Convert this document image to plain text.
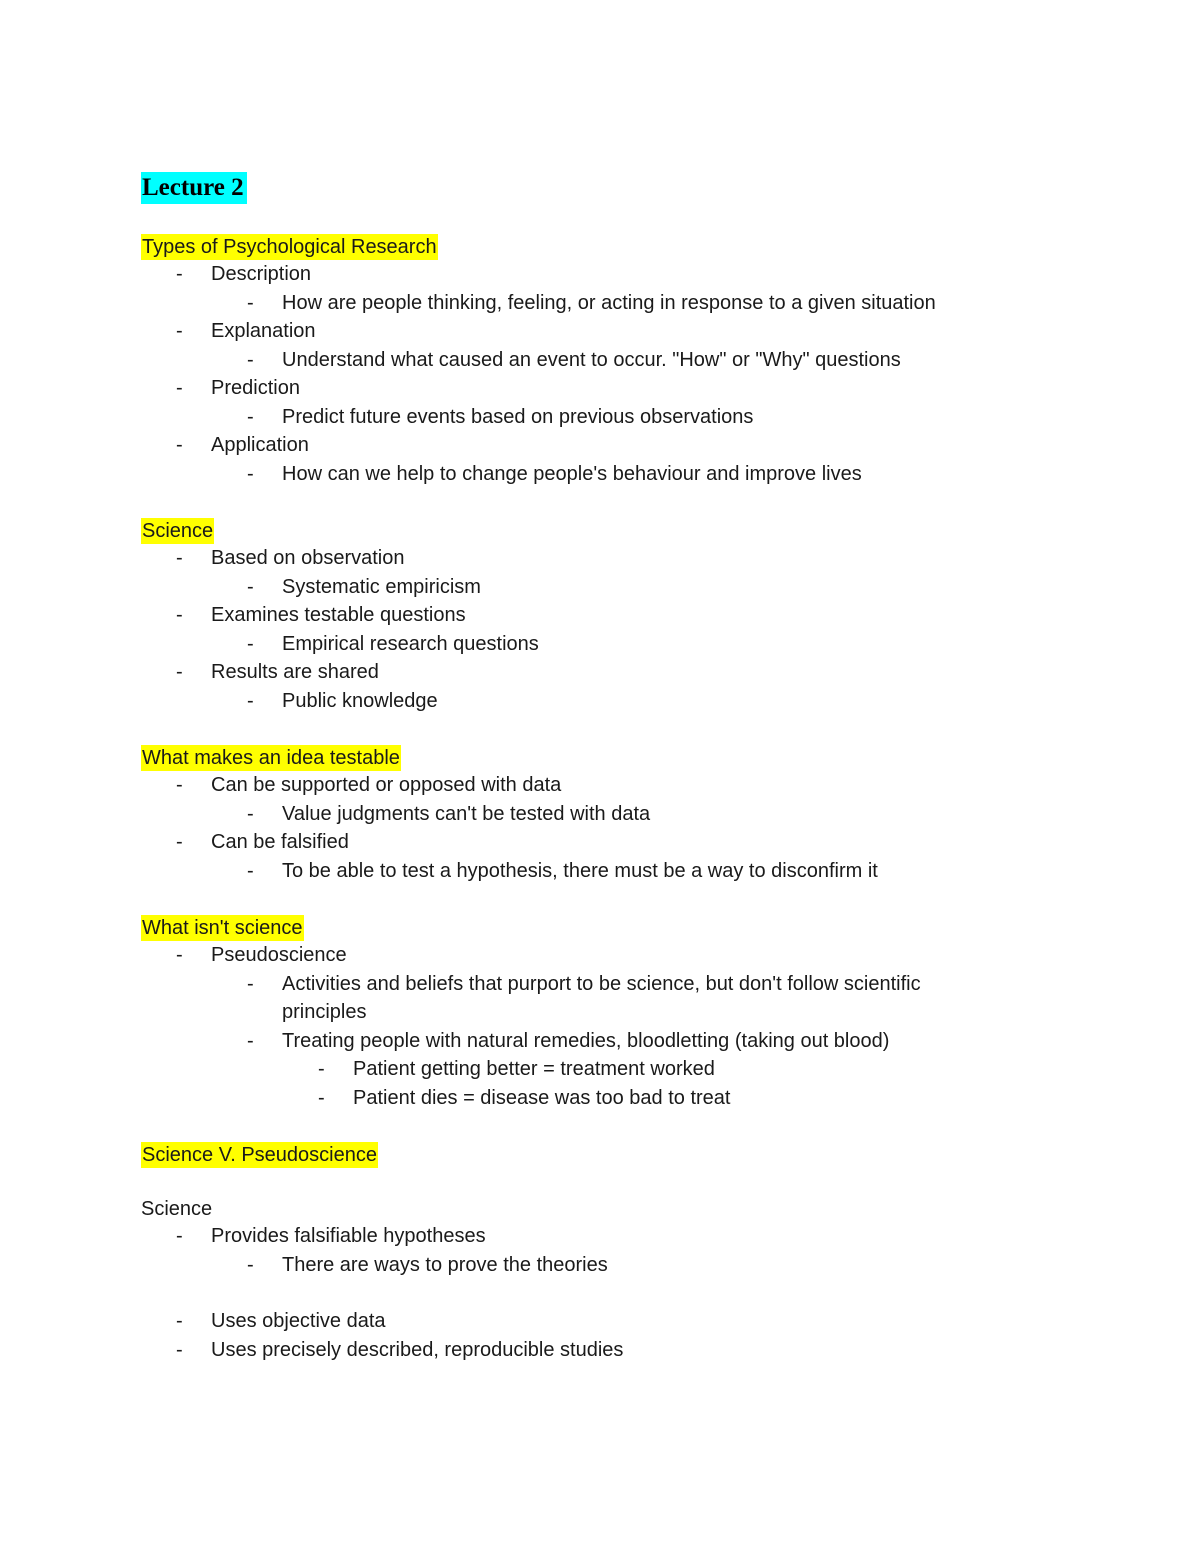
Lecture 2
Types of Psychological Research
- Description
- How are people thinking, feeling, or acting in response to a given situation
- Explanation
- Understand what caused an event to occur. "How" or "Why" questions
- Prediction
- Predict future events based on previous observations
- Application
- How can we help to change people's behaviour and improve lives
Science
- Based on observation
- Systematic empiricism
- Examines testable questions
- Empirical research questions
- Results are shared
- Public knowledge
What makes an idea testable
- Can be supported or opposed with data
- Value judgments can't be tested with data
- Can be falsified
- To be able to test a hypothesis, there must be a way to disconfirm it
What isn't science
- Pseudoscience
- Activities and beliefs that purport to be science, but don't follow scientific principles
- Treating people with natural remedies, bloodletting (taking out blood)
- Patient getting better = treatment worked
- Patient dies = disease was too bad to treat
Science V. Pseudoscience
Science
- Provides falsifiable hypotheses
- There are ways to prove the theories
- Uses objective data
- Uses precisely described, reproducible studies
